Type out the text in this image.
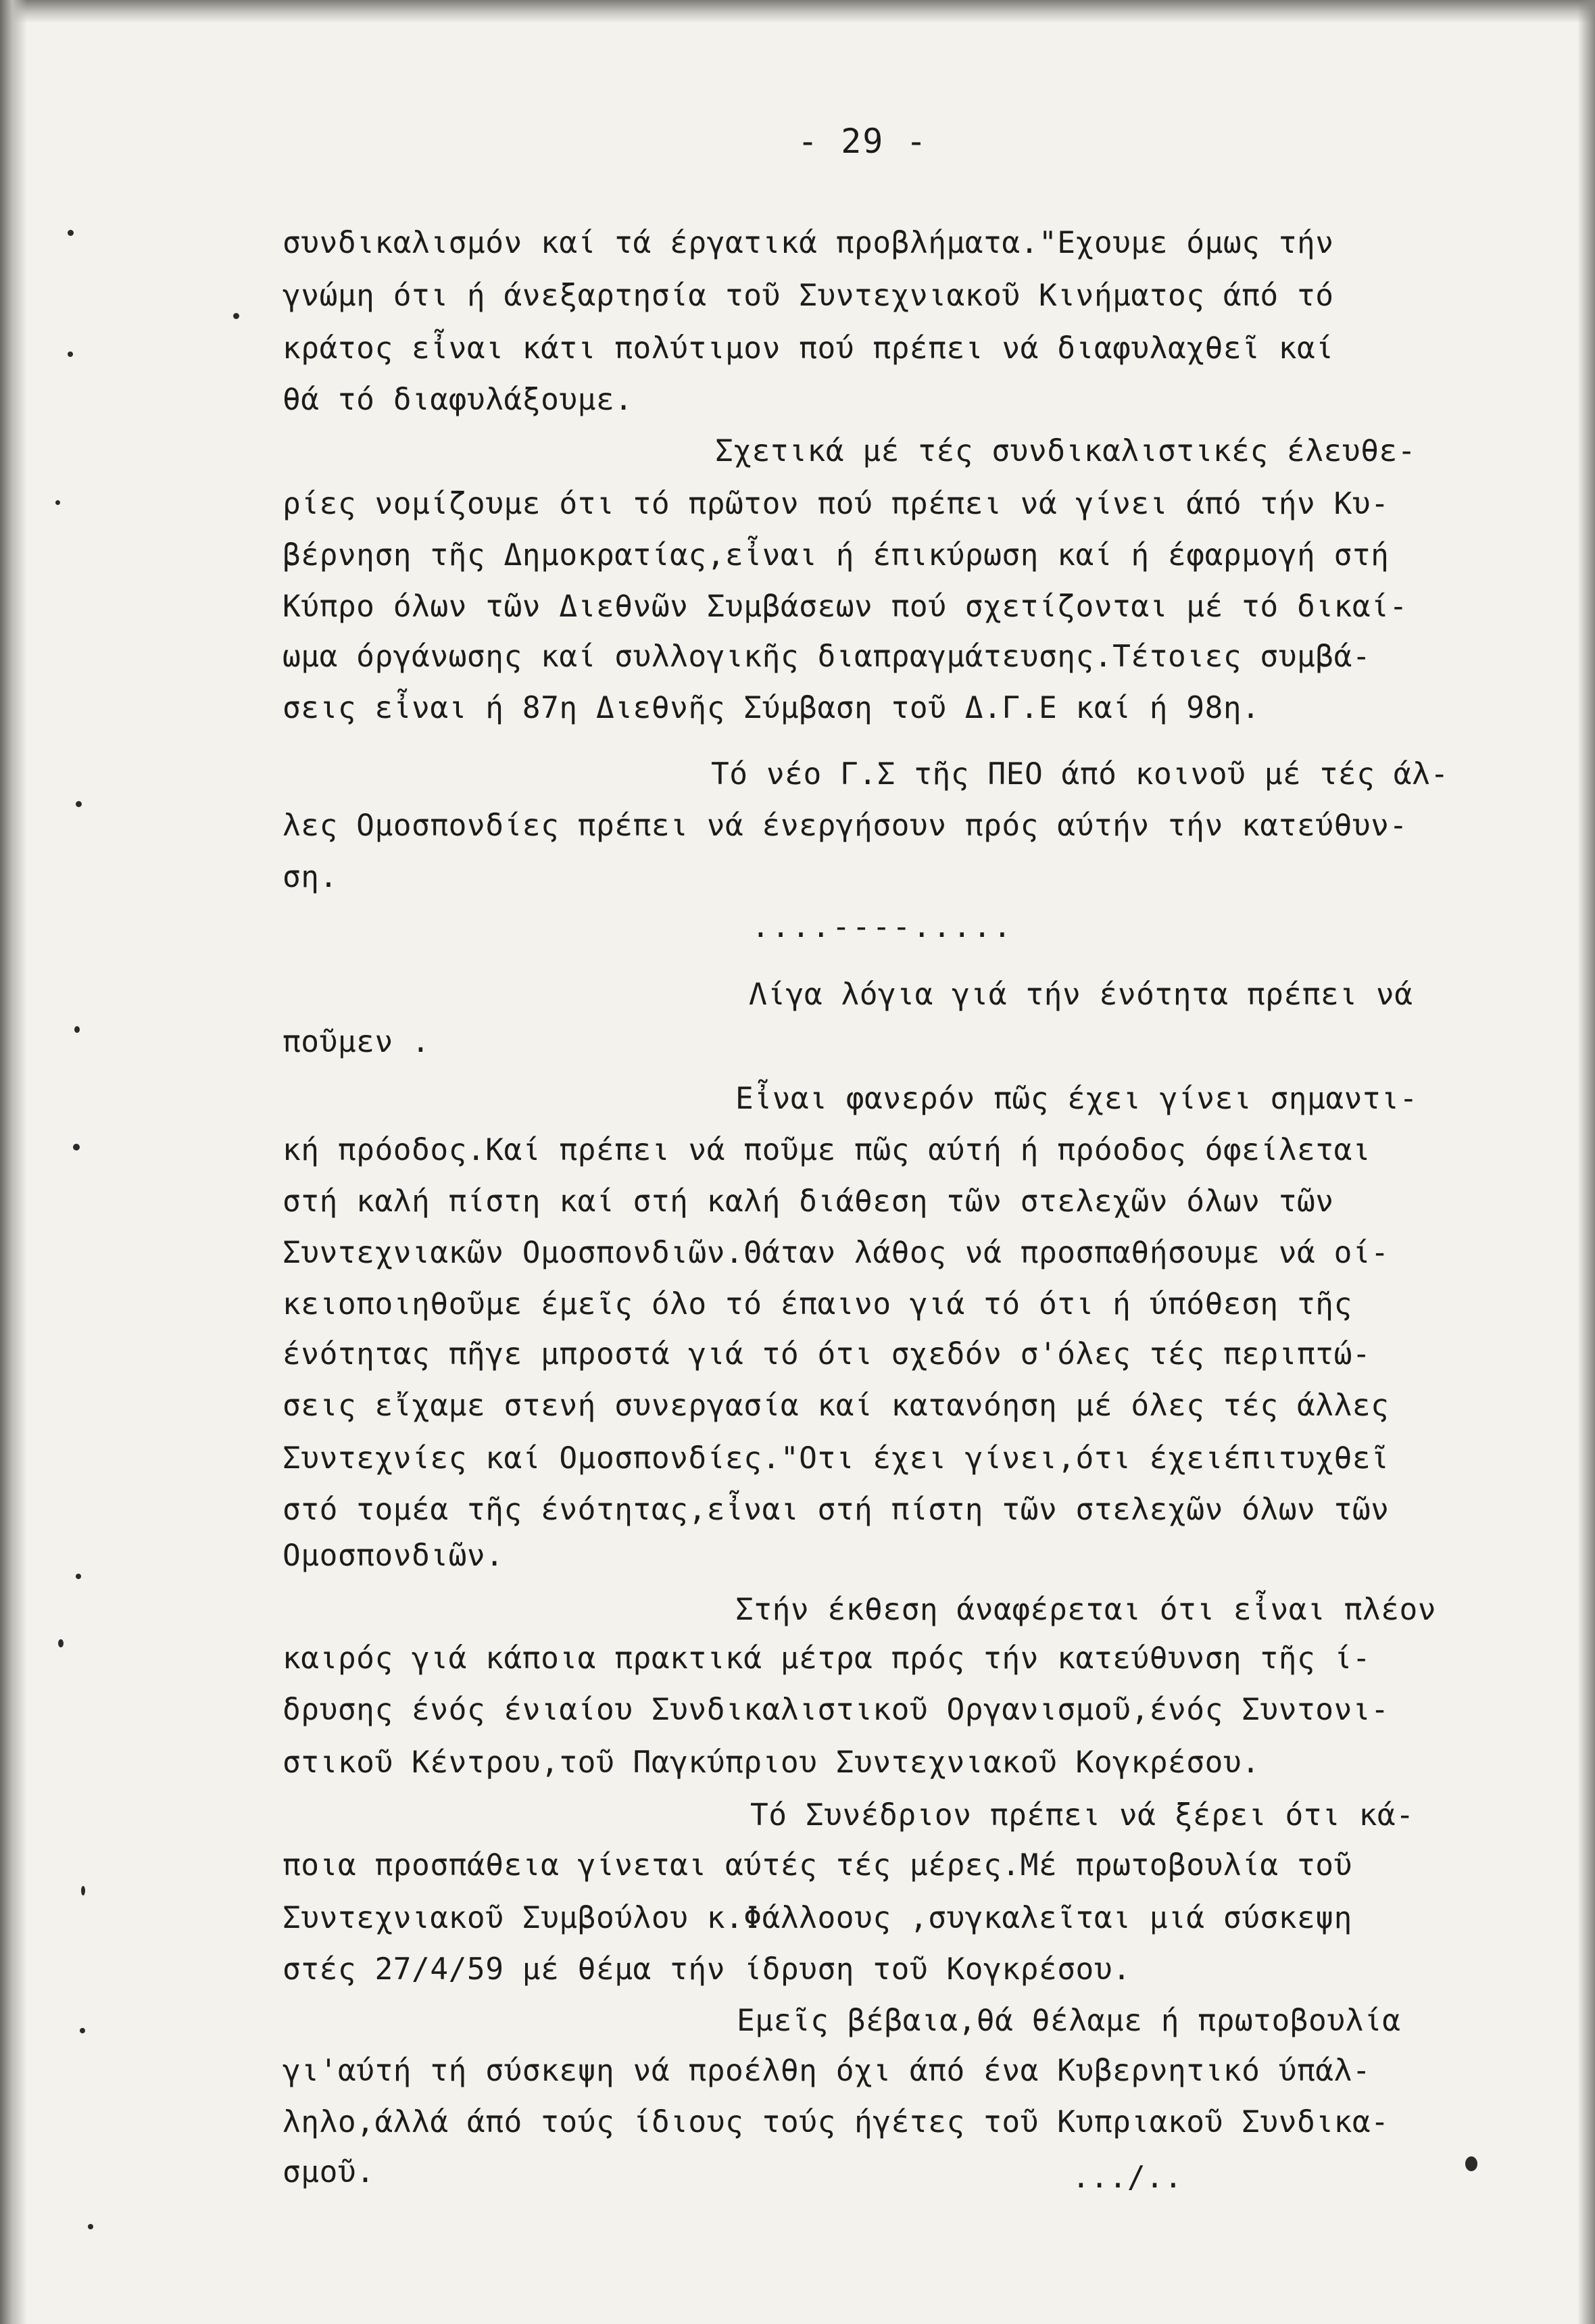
- 29 -
συνδικαλισμόν καί τά έργατικά προβλήματα."Εχουμε όμως τήν
γνώμη ότι ή άνεξαρτησία τοῦ Συντεχνιακοῦ Κινήματος άπό τό
κράτος εἶναι κάτι πολύτιμον πού πρέπει νά διαφυλαχθεῖ καί
θά τό διαφυλάξουμε.
Σχετικά μέ τές συνδικαλιστικές έλευθε-
ρίες νομίζουμε ότι τό πρῶτον πού πρέπει νά γίνει άπό τήν Κυ-
βέρνηση τῆς Δημοκρατίας,εἶναι ή έπικύρωση καί ή έφαρμογή στή
Κύπρο όλων τῶν Διεθνῶν Συμβάσεων πού σχετίζονται μέ τό δικαί-
ωμα όργάνωσης καί συλλογικῆς διαπραγμάτευσης.Τέτοιες συμβά-
σεις εἶναι ή 87η Διεθνῆς Σύμβαση τοῦ Δ.Γ.Ε καί ή 98η.
Τό νέο Γ.Σ τῆς ΠΕΟ άπό κοινοῦ μέ τές άλ-
λες Ομοσπονδίες πρέπει νά ένεργήσουν πρός αύτήν τήν κατεύθυν-
ση.
....----.....
Λίγα λόγια γιά τήν ένότητα πρέπει νά
ποῦμεν .
Εἶναι φανερόν πῶς έχει γίνει σημαντι-
κή πρόοδος.Καί πρέπει νά ποῦμε πῶς αύτή ή πρόοδος όφείλεται
στή καλή πίστη καί στή καλή διάθεση τῶν στελεχῶν όλων τῶν
Συντεχνιακῶν Ομοσπονδιῶν.Θάταν λάθος νά προσπαθήσουμε νά οί-
κειοποιηθοῦμε έμεῖς όλο τό έπαινο γιά τό ότι ή ύπόθεση τῆς
ένότητας πῆγε μπροστά γιά τό ότι σχεδόν σ'όλες τές περιπτώ-
σεις εἴχαμε στενή συνεργασία καί κατανόηση μέ όλες τές άλλες
Συντεχνίες καί Ομοσπονδίες."Οτι έχει γίνει,ότι έχειέπιτυχθεῖ
στό τομέα τῆς ένότητας,εἶναι στή πίστη τῶν στελεχῶν όλων τῶν
Ομοσπονδιῶν.
Στήν έκθεση άναφέρεται ότι εἶναι πλέον
καιρός γιά κάποια πρακτικά μέτρα πρός τήν κατεύθυνση τῆς ί-
δρυσης ένός ένιαίου Συνδικαλιστικοῦ Οργανισμοῦ,ένός Συντονι-
στικοῦ Κέντρου,τοῦ Παγκύπριου Συντεχνιακοῦ Κογκρέσου.
Τό Συνέδριον πρέπει νά ξέρει ότι κά-
ποια προσπάθεια γίνεται αύτές τές μέρες.Μέ πρωτοβουλία τοῦ
Συντεχνιακοῦ Συμβούλου κ.Φάλλοους ,συγκαλεῖται μιά σύσκεψη
στές 27/4/59 μέ θέμα τήν ίδρυση τοῦ Κογκρέσου.
Εμεῖς βέβαια,θά θέλαμε ή πρωτοβουλία
γι'αύτή τή σύσκεψη νά προέλθη όχι άπό ένα Κυβερνητικό ύπάλ-
ληλο,άλλά άπό τούς ίδιους τούς ήγέτες τοῦ Κυπριακοῦ Συνδικα-
σμοῦ.	.../..
